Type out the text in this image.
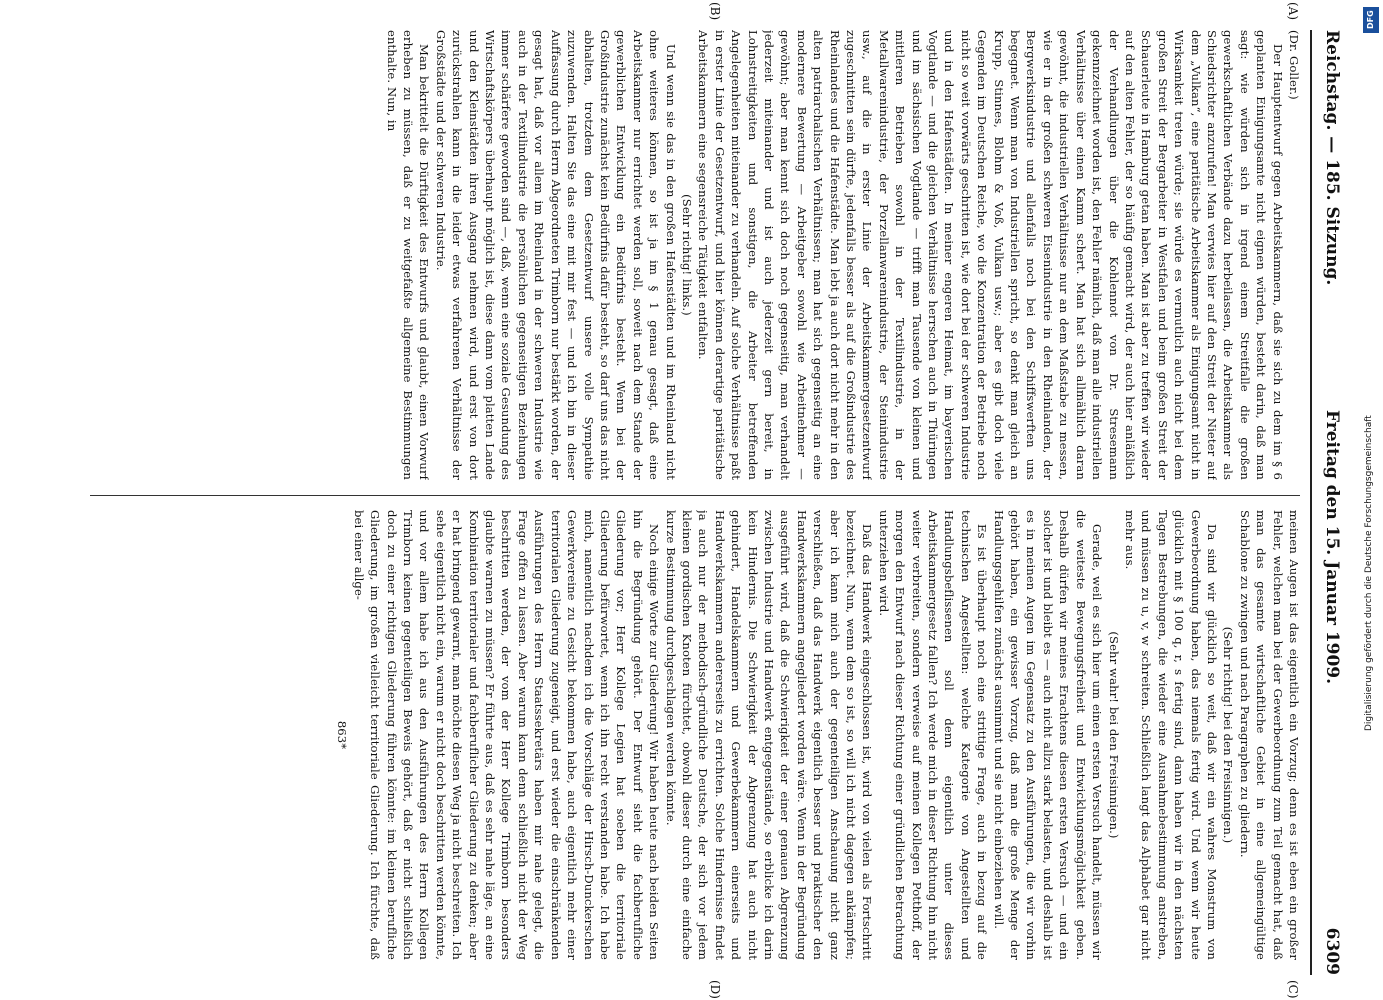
Reichstag. — 185. Sitzung.
Freitag den 15. Januar 1909.
6309
(A)
(B)
(C)
(D)

(Dr. Goller.)

Der Hauptentwurf gegen Arbeitskammern, daß sie sich zu dem im § 6 geplanten Einigungsamte nicht eignen würden, besteht darin, daß man sagt: wie würden sich in irgend einem Streitfalle die großen gewerkschaftlichen Verbände dazu herbeilassen, die Arbeitskammer als Schiedsrichter anzurufen! Man verwies hier auf den Streit der Nieter auf dem „Vulkan“, eine paritätische Arbeitskammer als Einigungsamt nicht in Wirksamkeit treten würde; sie würde es vermutlich auch nicht bei dem großen Streit der Bergarbeiter in Westfalen und beim großen Streit der Schauerleute in Hamburg getan haben. Man ist aber zu treffen wir wieder auf den alten Fehler, der so häufig gemacht wird, der auch hier anläßlich der Verhandlungen über die Kohlennot von Dr. Stresemann gekennzeichnet worden ist, den Fehler nämlich, daß man alle industriellen Verhältnisse über einen Kamm schert. Man hat sich allmählich daran gewöhnt, die industriellen Verhältnisse nur an dem Maßstabe zu messen, wie er in der großen schweren Eisenindustrie in den Rheinlanden, der Bergwerksindustrie und allenfalls noch bei den Schiffswerften uns begegnet. Wenn man von Industriellen spricht, so denkt man gleich an Krupp, Stinnes, Blohm & Voß, Vulkan usw.; aber es gibt doch viele Gegenden im Deutschen Reiche, wo die Konzentration der Betriebe noch nicht so weit vorwärts geschritten ist, wie dort bei der schweren Industrie und in den Hafenstädten. In meiner engeren Heimat, im bayerischen Vogtlande — und die gleichen Verhältnisse herrschen auch in Thüringen und im sächsischen Vogtlande — trifft man Tausende von kleinen und mittleren Betrieben sowohl in der Textilindustrie, in der Metallwarenindustrie, der Porzellanwarenindustrie, der Steinindustrie usw., auf die in erster Linie der Arbeitskammergesetzentwurf zugeschnitten sein dürfte, jedenfalls besser als auf die Großindustrie des Rheinlandes und die Hafenstädte. Man lebt ja auch dort nicht mehr in den alten patriarchalischen Verhältnissen; man hat sich gegenseitig an eine modernere Bewertung — Arbeitgeber sowohl wie Arbeitnehmer — gewöhnt; aber man kennt sich doch noch gegenseitig, man verhandelt jederzeit miteinander und ist auch jederzeit gern bereit, in Lohnstreitigkeiten und sonstigen, die Arbeiter betreffenden Angelegenheiten miteinander zu verhandeln. Auf solche Verhältnisse paßt in erster Linie der Gesetzentwurf, und hier können derartige paritätische Arbeitskammern eine segensreiche Tätigkeit entfalten.

(Sehr richtig! links.)

Und wenn sie das in den großen Hafenstädten und im Rheinland nicht ohne weiteres können, so ist ja im § 1 genau gesagt, daß eine Arbeitskammer nur errichtet werden soll, soweit nach dem Stande der gewerblichen Entwicklung ein Bedürfnis besteht. Wenn bei der Großindustrie zunächst kein Bedürfnis dafür besteht, so darf uns das nicht abhalten, trotzdem dem Gesetzentwurf unsere volle Sympathie zuzuwenden. Halten Sie das eine mit mir fest — und ich bin in dieser Auffassung durch Herrn Abgeordneten Trimborn nur bestärkt worden, der gesagt hat, daß vor allem im Rheinland in der schweren Industrie wie auch in der Textilindustrie die persönlichen gegenseitigen Beziehungen immer schärfere geworden sind —, daß, wenn eine soziale Gesundung des Wirtschaftskörpers überhaupt möglich ist, diese dann vom platten Lande und den Kleinstädten ihren Ausgang nehmen wird, und erst von dort zurückstrahlen kann in die leider etwas verfahrenen Verhältnisse der Großstädte und der schweren Industrie.

Man bekrittelt die Dürftigkeit des Entwurfs und glaubt, einen Vorwurf erheben zu müssen, daß er zu weitgefaßte allgemeine Bestimmungen enthalte. Nun, in

meinen Augen ist das eigentlich ein Vorzug; denn es ist eben ein großer Fehler, welchen man bei der Gewerbeordnung zum Teil gemacht hat, daß man das gesamte wirtschaftliche Gebiet in eine allgemeingültige Schablone zu zwingen und nach Paragraphen zu gliedern.

(Sehr richtig! bei den Freisinnigen.)

Da sind wir glücklich so weit, daß wir ein wahres Monstrum von Gewerbeordnung haben, das niemals fertig wird. Und wenn wir heute glücklich mit § 100 q, r, s fertig sind, dann haben wir in den nächsten Tagen Bestrebungen, die wieder eine Ausnahmebestimmung anstreben, und müssen zu u, v, w schreiten. Schließlich langt das Alphabet gar nicht mehr aus.

(Sehr wahr! bei den Freisinnigen.)

Gerade, weil es sich hier um einen ersten Versuch handelt, müssen wir die weiteste Bewegungsfreiheit und Entwicklungsmöglichkeit geben. Deshalb dürfen wir meines Erachtens diesen ersten Versuch — und ein solcher ist und bleibt es — auch nicht allzu stark belasten, und deshalb ist es in meinen Augen im Gegensatz zu den Ausführungen, die wir vorhin gehört haben, ein gewisser Vorzug, daß man die große Menge der Handlungsgehilfen zunächst ausnimmt und sie nicht einbeziehen will.

Es ist überhaupt noch eine strittige Frage, auch in bezug auf die technischen Angestellten: welche Kategorie von Angestellten und Handlungsbeflissenen soll denn eigentlich unter dieses Arbeitskammergesetz fallen? Ich werde mich in dieser Richtung hin nicht weiter verbreiten, sondern verweise auf meinen Kollegen Potthoff, der morgen den Entwurf nach dieser Richtung einer gründlichen Betrachtung unterziehen wird.

Daß das Handwerk eingeschlossen ist, wird von vielen als Fortschritt bezeichnet. Nun, wenn dem so ist, so will ich nicht dagegen ankämpfen; aber ich kann mich auch der gegenteiligen Anschauung nicht ganz verschließen, daß das Handwerk eigentlich besser und praktischer den Handwerkskammern angegliedert worden wäre. Wenn in der Begründung ausgeführt wird, daß die Schwierigkeit der einer genauen Abgrenzung zwischen Industrie und Handwerk entgegenstände, so erblicke ich darin kein Hindernis. Die Schwierigkeit der Abgrenzung hat auch nicht gehindert, Handelskammern und Gewerbekammern einerseits und Handwerkskammern andererseits zu errichten. Solche Hindernisse findet ja auch nur der methodisch-gründliche Deutsche, der sich vor jedem kleinen gordischen Knoten fürchtet, obwohl dieser durch eine einfache kurze Bestimmung durchgeschlagen werden könnte.

Noch einige Worte zur Gliederung! Wir haben heute nach beiden Seiten hin die Begründung gehört. Der Entwurf sieht die fachberufliche Gliederung vor; Herr Kollege Legien hat soeben die territoriale Gliederung befürwortet, wenn ich ihn recht verstanden habe. Ich habe mich, namentlich nachdem ich die Vorschläge der Hirsch-Dunckerschen Gewerkvereine zu Gesicht bekommen habe, auch eigentlich mehr einer territorialen Gliederung zugeneigt, und erst wieder die einschränkenden Ausführungen des Herrn Staatssekretärs haben mir nahe gelegt, die Frage offen zu lassen. Aber warum kann denn schließlich nicht der Weg beschritten werden, der vom der Herr Kollege Trimborn besonders glaubte warnen zu müssen? Er führte aus, daß es sehr nahe läge, an eine Kombination territorialer und fachberuflicher Gliederung zu denken; aber er hat bringend gewarnt, man möchte diesen Weg ja nicht beschreiten. Ich sehe eigentlich nicht ein, warum er nicht doch beschritten werden könnte, und vor allem habe ich aus den Ausführungen des Herrn Kollegen Trimborn keinen gegenteiligen Beweis gehört, daß er nicht schließlich doch zu einer richtigen Gliederung führen könnte: im kleinen berufliche Gliederung, im großen vielleicht territoriale Gliederung. Ich fürchte, daß bei einer allge-

863*

DFG
Digitalisierung gefördert durch die Deutsche Forschungsgemeinschaft
